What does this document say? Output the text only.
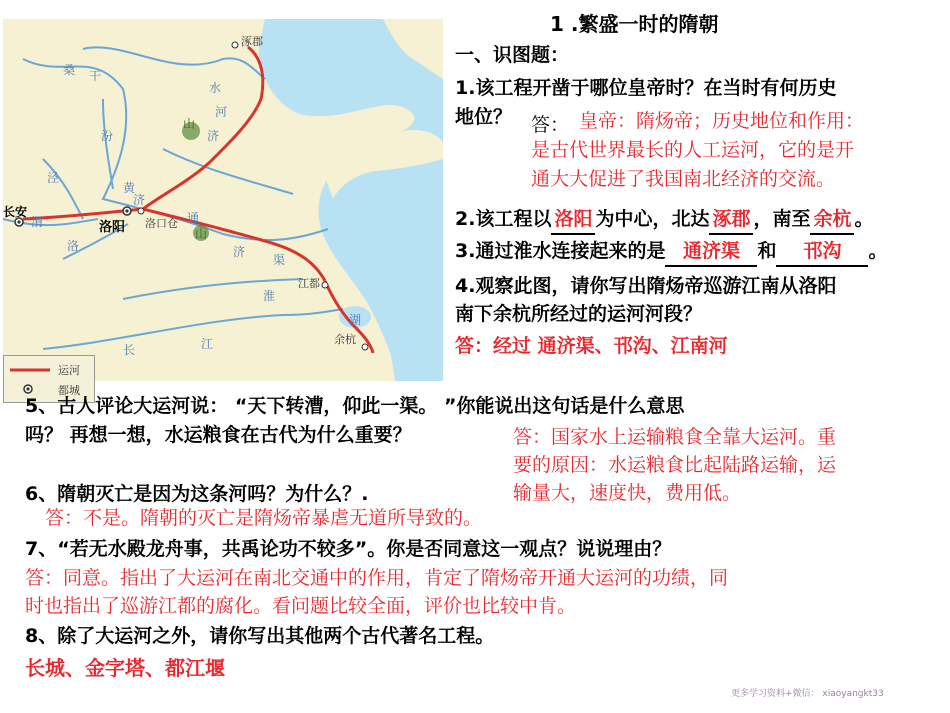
涿郡
长安
洛阳 洛口仓
江都
余杭
桑 干
水
河
济
泾
渭
汾
黄
济
济
通
渠
洛
淮
长	江
山
山
湖
运河
都城
1 .繁盛一时的隋朝
一、识图题：
1.该工程开凿于哪位皇帝时？在当时有何历史
地位？ 答： 皇帝：隋炀帝；历史地位和作用：
是古代世界最长的人工运河，它的是开
通大大促进了我国南北经济的交流。
2.该工程以 洛阳 为中心，北达 涿郡 ，南至 余杭 。
3.通过淮水连接起来的是 通济渠 和 邗沟 。
4.观察此图，请你写出隋炀帝巡游江南从洛阳
南下余杭所经过的运河河段？
答：经过 通济渠、邗沟、江南河
5、古人评论大运河说： “天下转漕，仰此一渠。 ”你能说出这句话是什么意思
吗？ 再想一想，水运粮食在古代为什么重要？	答：国家水上运输粮食全靠大运河。重
要的原因：水运粮食比起陆路运输，运
输量大，速度快，费用低。
6、隋朝灭亡是因为这条河吗？为什么？.
答：不是。隋朝的灭亡是隋炀帝暴虐无道所导致的。
7、“若无水殿龙舟事，共禹论功不较多”。你是否同意这一观点？说说理由？
答：同意。指出了大运河在南北交通中的作用，肯定了隋炀帝开通大运河的功绩，同
时也指出了巡游江都的腐化。看问题比较全面，评价也比较中肯。
8、除了大运河之外，请你写出其他两个古代著名工程。
长城、金字塔、都江堰
更多学习资料+微信： xiaoyangkt33
